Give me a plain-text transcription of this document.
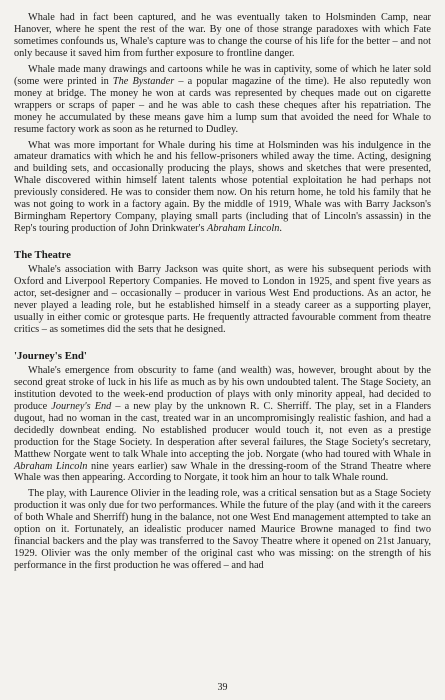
Whale had in fact been captured, and he was eventually taken to Holsminden Camp, near Hanover, where he spent the rest of the war. By one of those strange paradoxes with which Fate sometimes confounds us, Whale's capture was to change the course of his life for the better – and not only because it saved him from further exposure to frontline danger.

Whale made many drawings and cartoons while he was in captivity, some of which he later sold (some were printed in The Bystander – a popular magazine of the time). He also reputedly won money at bridge. The money he won at cards was represented by cheques made out on cigarette wrappers or scraps of paper – and he was able to cash these cheques after his repatriation. The money he accumulated by these means gave him a lump sum that avoided the need for Whale to resume factory work as soon as he returned to Dudley.

What was more important for Whale during his time at Holsminden was his indulgence in the amateur dramatics with which he and his fellow-prisoners whiled away the time. Acting, designing and building sets, and occasionally producing the plays, shows and sketches that were presented, Whale discovered within himself latent talents whose potential exploitation he had perhaps not previously considered. He was to consider them now. On his return home, he told his family that he was not going to work in a factory again. By the middle of 1919, Whale was with Barry Jackson's Birmingham Repertory Company, playing small parts (including that of Lincoln's assassin) in the Rep's touring production of John Drinkwater's Abraham Lincoln.

The Theatre

Whale's association with Barry Jackson was quite short, as were his subsequent periods with Oxford and Liverpool Repertory Companies. He moved to London in 1925, and spent five years as actor, set-designer and – occasionally – producer in various West End productions. As an actor, he never played a leading role, but he established himself in a steady career as a supporting player, usually in either comic or grotesque parts. He frequently attracted favourable comment from theatre critics – as sometimes did the sets that he designed.

'Journey's End'

Whale's emergence from obscurity to fame (and wealth) was, however, brought about by the second great stroke of luck in his life as much as by his own undoubted talent. The Stage Society, an institution devoted to the week-end production of plays with only minority appeal, had decided to produce Journey's End – a new play by the unknown R. C. Sherriff. The play, set in a Flanders dugout, had no woman in the cast, treated war in an uncompromisingly realistic fashion, and had a decidedly downbeat ending. No established producer would touch it, not even as a prestige production for the Stage Society. In desperation after several failures, the Stage Society's secretary, Matthew Norgate went to talk Whale into accepting the job. Norgate (who had toured with Whale in Abraham Lincoln nine years earlier) saw Whale in the dressing-room of the Strand Theatre where Whale was then appearing. According to Norgate, it took him an hour to talk Whale round.

The play, with Laurence Olivier in the leading role, was a critical sensation but as a Stage Society production it was only due for two performances. While the future of the play (and with it the careers of both Whale and Sherriff) hung in the balance, not one West End management attempted to take an option on it. Fortunately, an idealistic producer named Maurice Browne managed to find two financial backers and the play was transferred to the Savoy Theatre where it opened on 21st January, 1929. Olivier was the only member of the original cast who was missing: on the strength of his performance in the first production he was offered – and had

39
